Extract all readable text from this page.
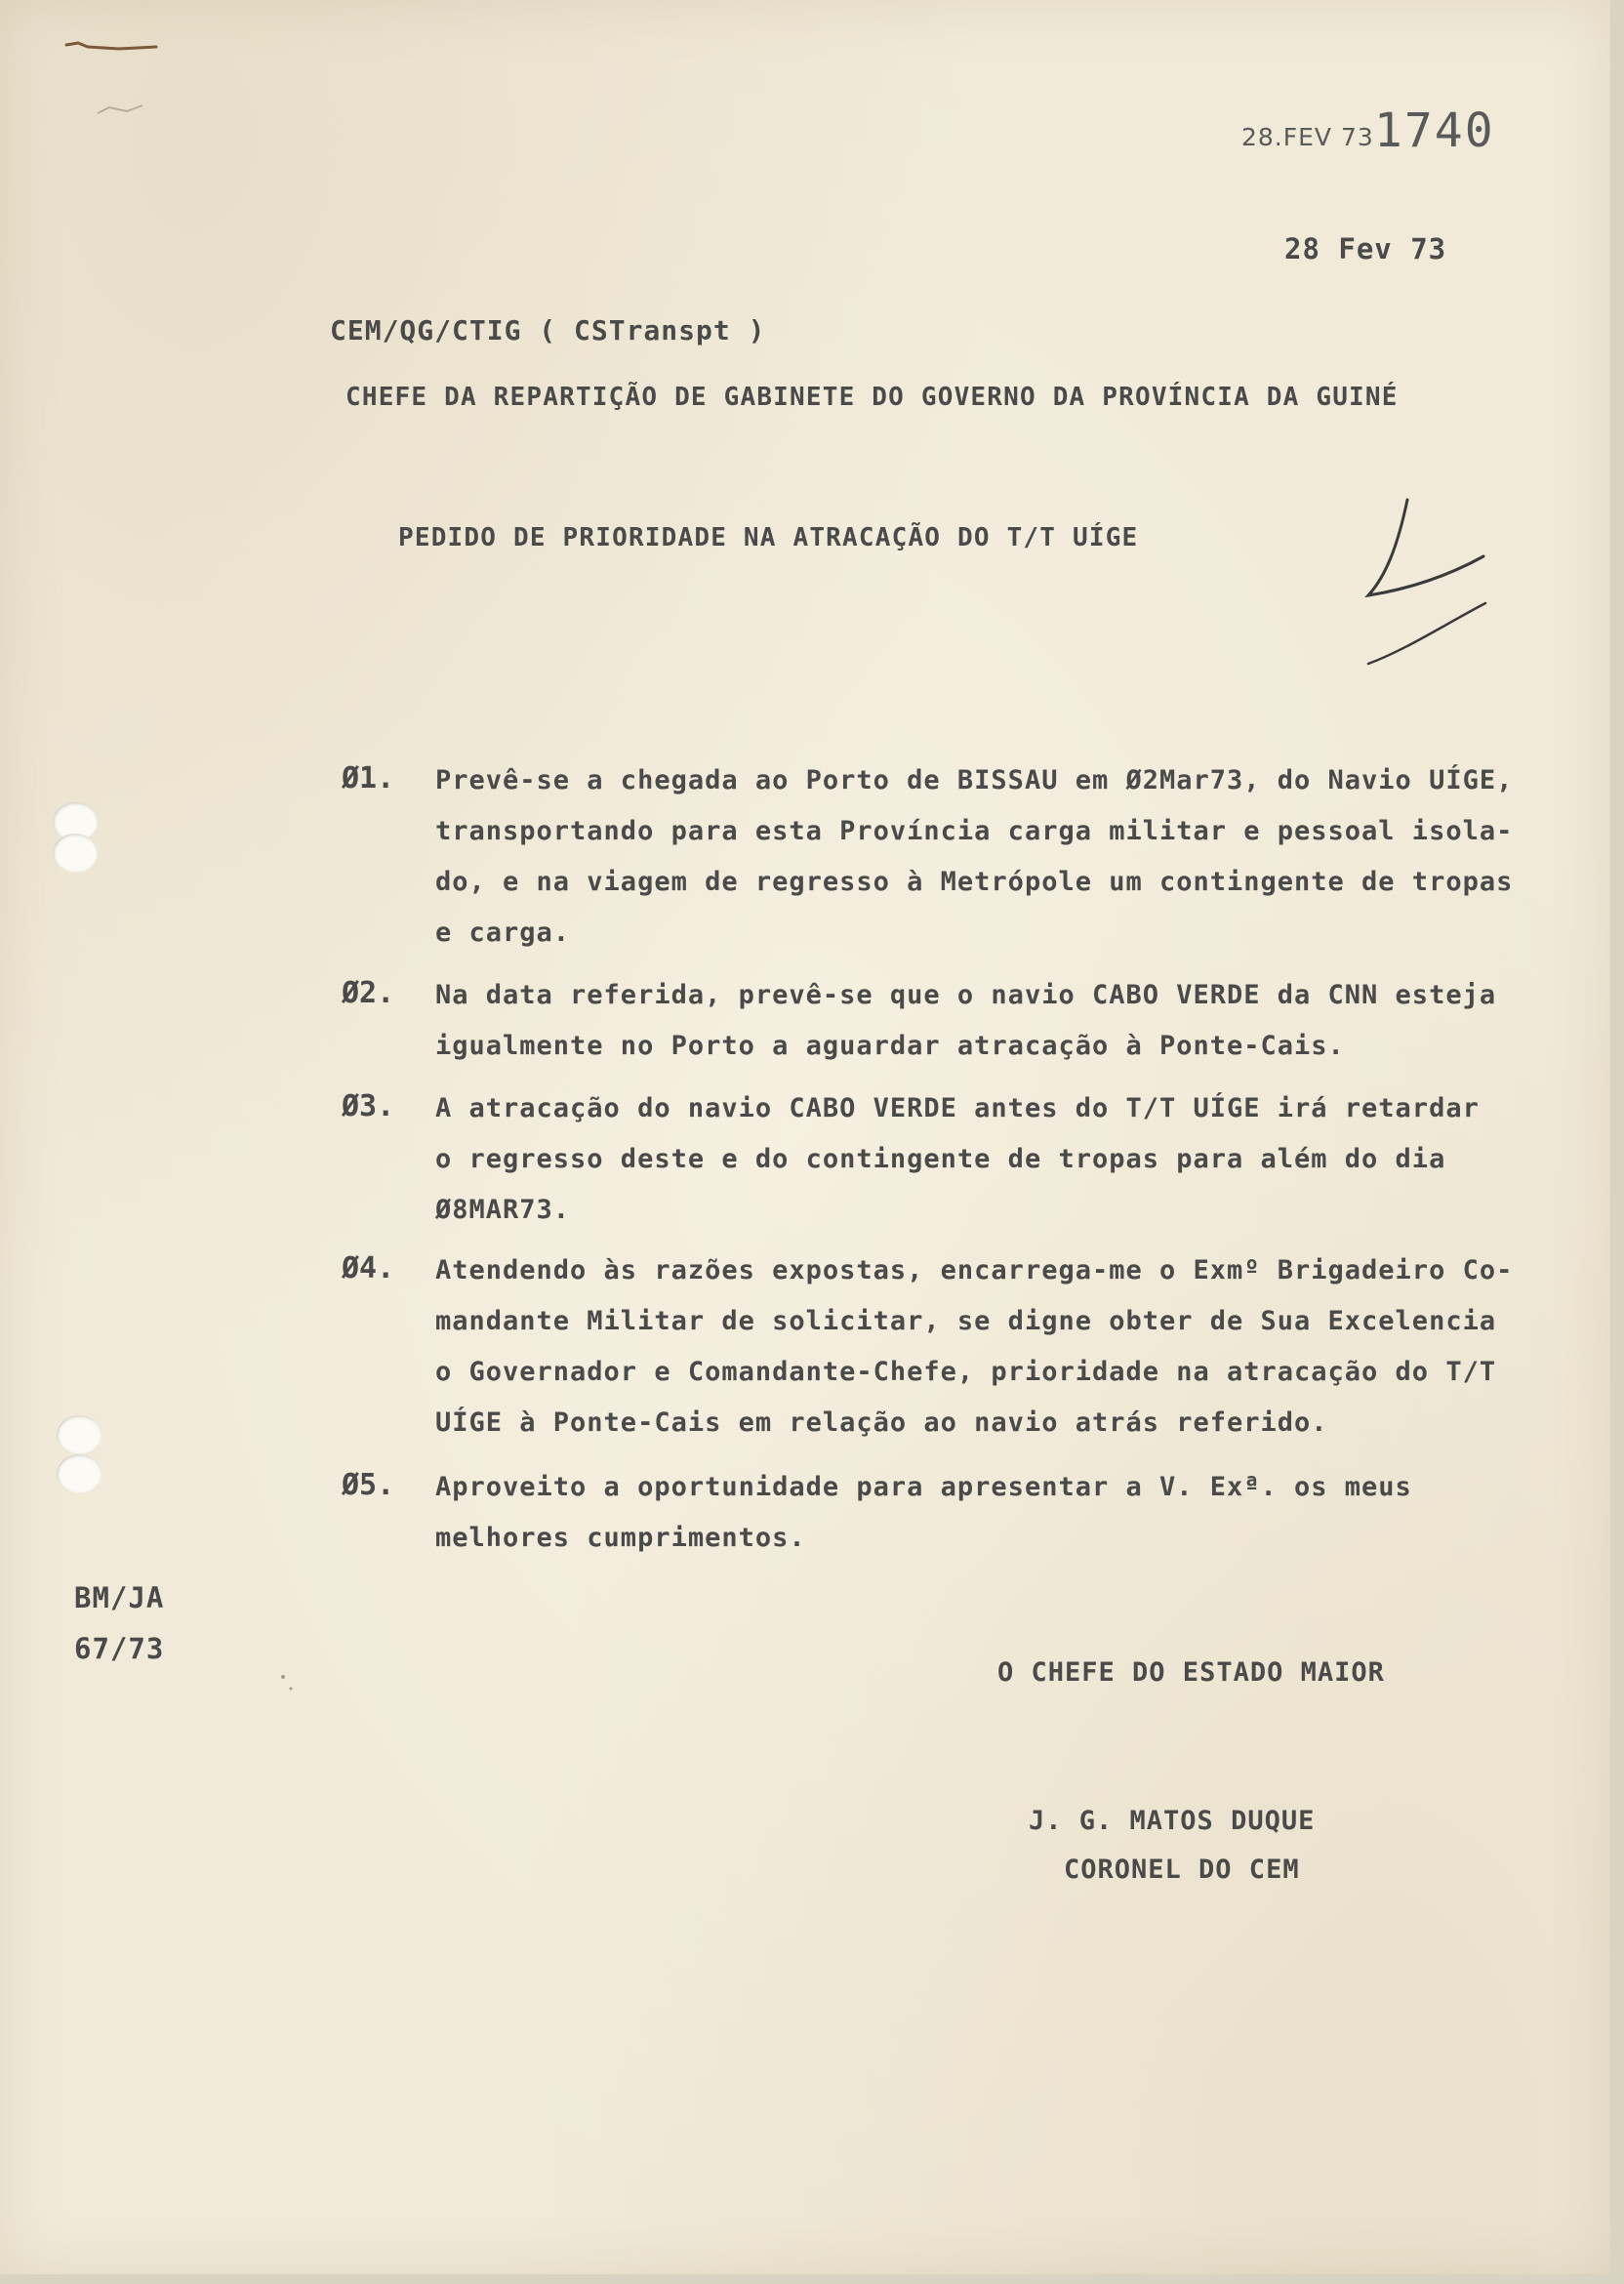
28.FEV 73 1740

28 Fev 73

CEM/QG/CTIG ( CSTranspt )

CHEFE DA REPARTIÇÃO DE GABINETE DO GOVERNO DA PROVÍNCIA DA GUINÉ

PEDIDO DE PRIORIDADE NA ATRACAÇÃO DO T/T UÍGE

Ø1. Prevê-se a chegada ao Porto de BISSAU em Ø2Mar73, do Navio UÍGE,
transportando para esta Província carga militar e pessoal isola-
do, e na viagem de regresso à Metrópole um contingente de tropas
e carga.
Ø2. Na data referida, prevê-se que o navio CABO VERDE da CNN esteja
igualmente no Porto a aguardar atracação à Ponte-Cais.
Ø3. A atracação do navio CABO VERDE antes do T/T UÍGE irá retardar
o regresso deste e do contingente de tropas para além do dia
Ø8MAR73.
Ø4. Atendendo às razões expostas, encarrega-me o Exmº Brigadeiro Co-
mandante Militar de solicitar, se digne obter de Sua Excelencia
o Governador e Comandante-Chefe, prioridade na atracação do T/T
UÍGE à Ponte-Cais em relação ao navio atrás referido.
Ø5. Aproveito a oportunidade para apresentar a V. Exª. os meus
melhores cumprimentos.

BM/JA

67/73

O CHEFE DO ESTADO MAIOR

J. G. MATOS DUQUE

CORONEL DO CEM
